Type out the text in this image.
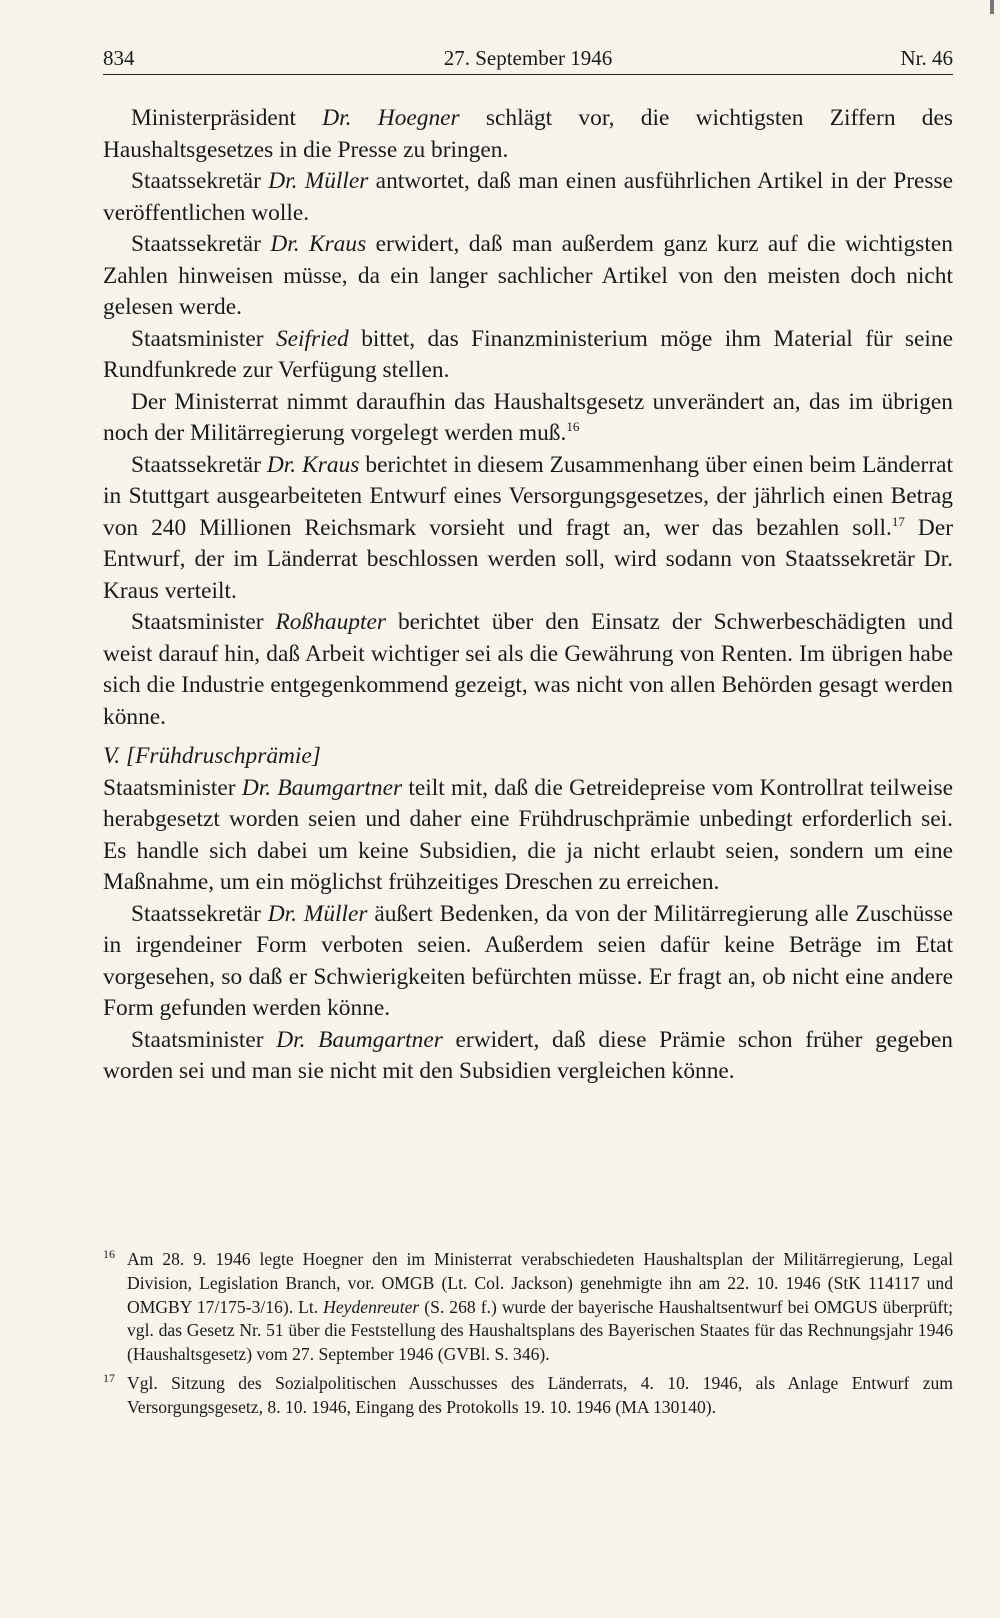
834	27. September 1946	Nr. 46

Ministerpräsident Dr. Hoegner schlägt vor, die wichtigsten Ziffern des Haushaltsgesetzes in die Presse zu bringen.

Staatssekretär Dr. Müller antwortet, daß man einen ausführlichen Artikel in der Presse veröffentlichen wolle.

Staatssekretär Dr. Kraus erwidert, daß man außerdem ganz kurz auf die wichtigsten Zahlen hinweisen müsse, da ein langer sachlicher Artikel von den meisten doch nicht gelesen werde.

Staatsminister Seifried bittet, das Finanzministerium möge ihm Material für seine Rundfunkrede zur Verfügung stellen.

Der Ministerrat nimmt daraufhin das Haushaltsgesetz unverändert an, das im übrigen noch der Militärregierung vorgelegt werden muß.$^{16}$

Staatssekretär Dr. Kraus berichtet in diesem Zusammenhang über einen beim Länderrat in Stuttgart ausgearbeiteten Entwurf eines Versorgungsgesetzes, der jährlich einen Betrag von 240 Millionen Reichsmark vorsieht und fragt an, wer das bezahlen soll.$^{17}$ Der Entwurf, der im Länderrat beschlossen werden soll, wird sodann von Staatssekretär Dr. Kraus verteilt.

Staatsminister Roßhaupter berichtet über den Einsatz der Schwerbeschädigten und weist darauf hin, daß Arbeit wichtiger sei als die Gewährung von Renten. Im übrigen habe sich die Industrie entgegenkommend gezeigt, was nicht von allen Behörden gesagt werden könne.

V. [Frühdruschprämie]

Staatsminister Dr. Baumgartner teilt mit, daß die Getreidepreise vom Kontrollrat teilweise herabgesetzt worden seien und daher eine Frühdruschprämie unbedingt erforderlich sei. Es handle sich dabei um keine Subsidien, die ja nicht erlaubt seien, sondern um eine Maßnahme, um ein möglichst frühzeitiges Dreschen zu erreichen.

Staatssekretär Dr. Müller äußert Bedenken, da von der Militärregierung alle Zuschüsse in irgendeiner Form verboten seien. Außerdem seien dafür keine Beträge im Etat vorgesehen, so daß er Schwierigkeiten befürchten müsse. Er fragt an, ob nicht eine andere Form gefunden werden könne.

Staatsminister Dr. Baumgartner erwidert, daß diese Prämie schon früher gegeben worden sei und man sie nicht mit den Subsidien vergleichen könne.

$^{16}$ Am 28. 9. 1946 legte Hoegner den im Ministerrat verabschiedeten Haushaltsplan der Militärregierung, Legal Division, Legislation Branch, vor. OMGB (Lt. Col. Jackson) genehmigte ihn am 22. 10. 1946 (StK 114117 und OMGBY 17/175-3/16). Lt. Heydenreuter (S. 268 f.) wurde der bayerische Haushaltsentwurf bei OMGUS überprüft; vgl. das Gesetz Nr. 51 über die Feststellung des Haushaltsplans des Bayerischen Staates für das Rechnungsjahr 1946 (Haushaltsgesetz) vom 27. September 1946 (GVBl. S. 346).

$^{17}$ Vgl. Sitzung des Sozialpolitischen Ausschusses des Länderrats, 4. 10. 1946, als Anlage Entwurf zum Versorgungsgesetz, 8. 10. 1946, Eingang des Protokolls 19. 10. 1946 (MA 130140).
